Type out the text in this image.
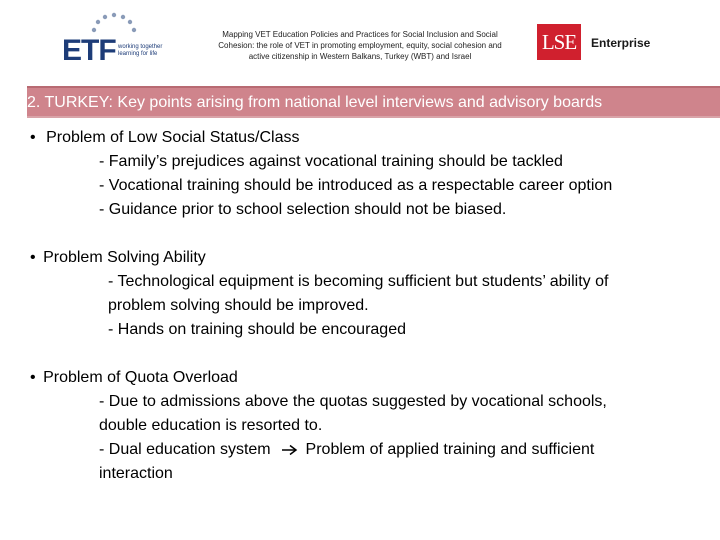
ETF working together learning for life
Mapping VET Education Policies and Practices for Social Inclusion and Social
Cohesion: the role of VET in promoting employment, equity, social cohesion and
active citizenship in Western Balkans, Turkey (WBT) and Israel
LSE	Enterprise
2. TURKEY: Key points arising from national level interviews and advisory boards
• Problem of Low Social Status/Class
- Family’s prejudices against vocational training should be tackled
- Vocational training should be introduced as a respectable career option
- Guidance prior to school selection should not be biased.
• Problem Solving Ability
- Technological equipment is becoming sufficient but students’ ability of
problem solving should be improved.
- Hands on training should be encouraged
• Problem of Quota Overload
- Due to admissions above the quotas suggested by vocational schools,
double education is resorted to.
- Dual education system Problem of applied training and sufficient
interaction
